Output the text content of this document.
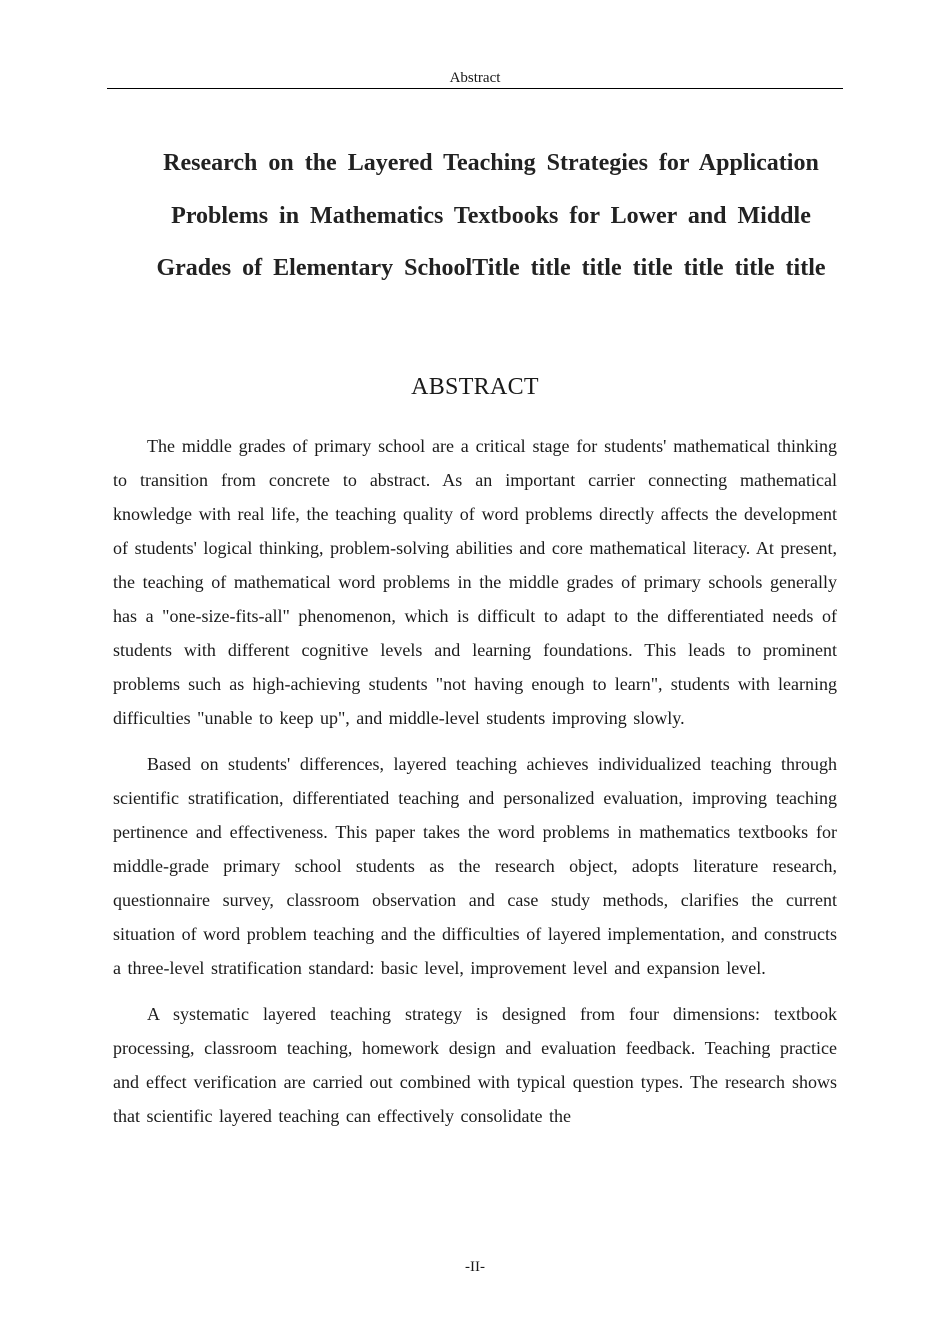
Abstract
Research on the Layered Teaching Strategies for Application Problems in Mathematics Textbooks for Lower and Middle Grades of Elementary SchoolTitle title title title title title title
ABSTRACT

The middle grades of primary school are a critical stage for students' mathematical thinking to transition from concrete to abstract. As an important carrier connecting mathematical knowledge with real life, the teaching quality of word problems directly affects the development of students' logical thinking, problem-solving abilities and core mathematical literacy. At present, the teaching of mathematical word problems in the middle grades of primary schools generally has a "one-size-fits-all" phenomenon, which is difficult to adapt to the differentiated needs of students with different cognitive levels and learning foundations. This leads to prominent problems such as high-achieving students "not having enough to learn", students with learning difficulties "unable to keep up", and middle-level students improving slowly.

Based on students' differences, layered teaching achieves individualized teaching through scientific stratification, differentiated teaching and personalized evaluation, improving teaching pertinence and effectiveness. This paper takes the word problems in mathematics textbooks for middle-grade primary school students as the research object, adopts literature research, questionnaire survey, classroom observation and case study methods, clarifies the current situation of word problem teaching and the difficulties of layered implementation, and constructs a three-level stratification standard: basic level, improvement level and expansion level.

A systematic layered teaching strategy is designed from four dimensions: textbook processing, classroom teaching, homework design and evaluation feedback. Teaching practice and effect verification are carried out combined with typical question types. The research shows that scientific layered teaching can effectively consolidate the

-II-
